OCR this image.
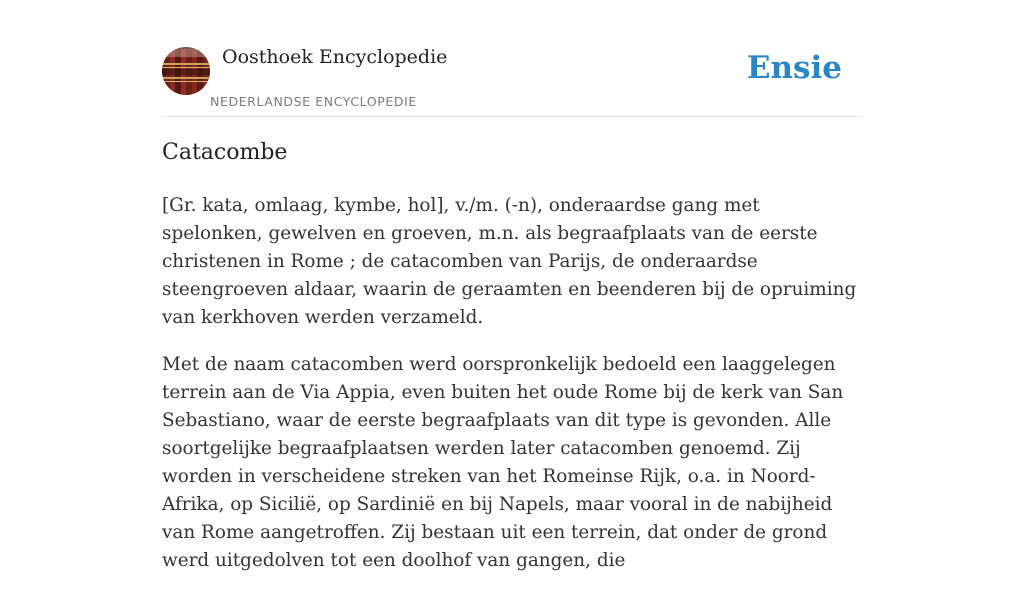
Oosthoek Encyclopedie
NEDERLANDSE ENCYCLOPEDIE
Ensie
Catacombe

[Gr. kata, omlaag, kymbe, hol], v./m. (-n), onderaardse gang met spelonken, gewelven en groeven, m.n. als begraafplaats van de eerste christenen in Rome ; de catacomben van Parijs, de onderaardse steengroeven aldaar, waarin de geraamten en beenderen bij de opruiming van kerkhoven werden verzameld.

Met de naam catacomben werd oorspronkelijk bedoeld een laaggelegen terrein aan de Via Appia, even buiten het oude Rome bij de kerk van San Sebastiano, waar de eerste begraafplaats van dit type is gevonden. Alle soortgelijke begraafplaatsen werden later catacomben genoemd. Zij worden in verscheidene streken van het Romeinse Rijk, o.a. in Noord-Afrika, op Sicilië, op Sardinië en bij Napels, maar vooral in de nabijheid van Rome aangetroffen. Zij bestaan uit een terrein, dat onder de grond werd uitgedolven tot een doolhof van gangen, die
